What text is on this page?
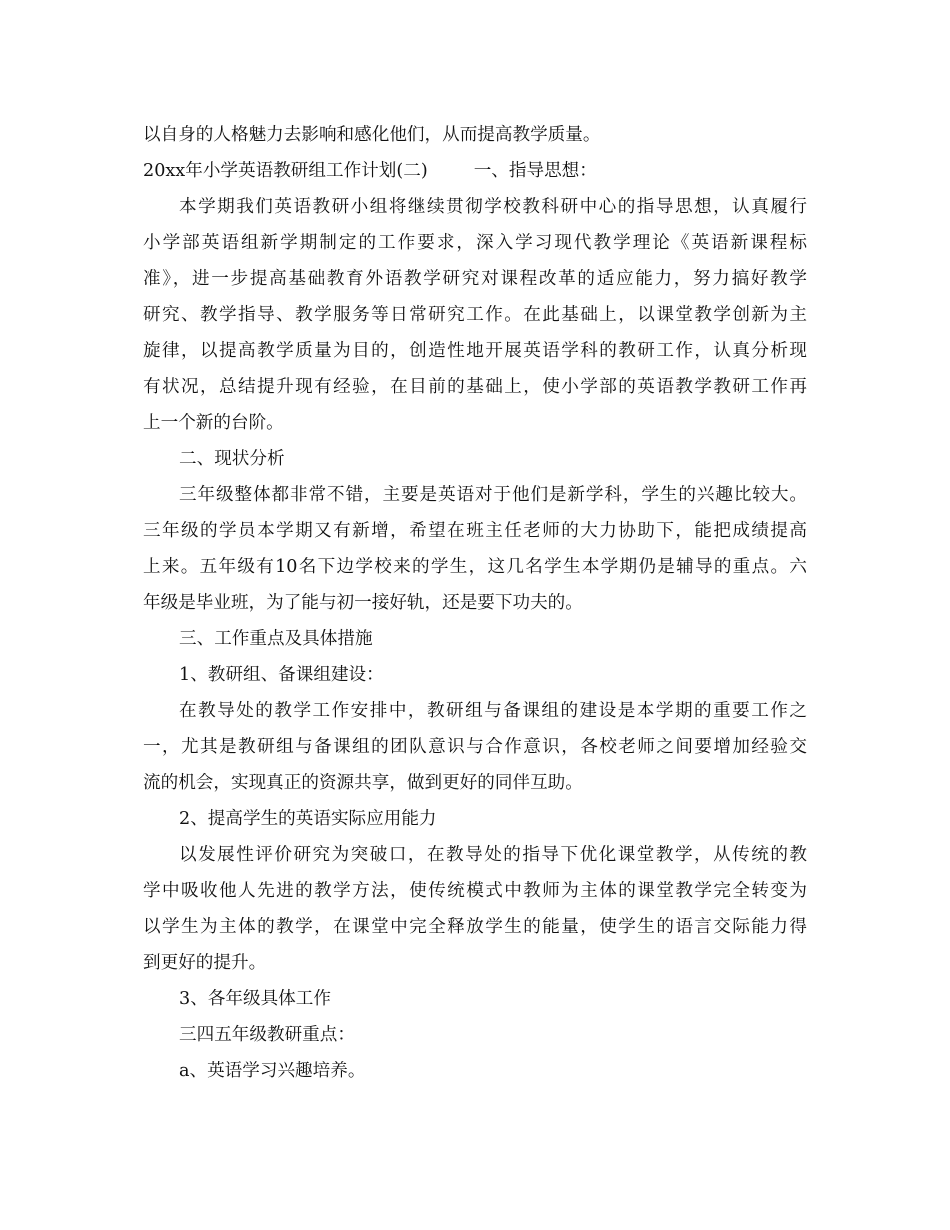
以自身的人格魅力去影响和感化他们，从而提高教学质量。
20xx年小学英语教研组工作计划(二)	一、指导思想：
本学期我们英语教研小组将继续贯彻学校教科研中心的指导思想，认真履行
小学部英语组新学期制定的工作要求，深入学习现代教学理论《英语新课程标
准》，进一步提高基础教育外语教学研究对课程改革的适应能力，努力搞好教学
研究、教学指导、教学服务等日常研究工作。在此基础上，以课堂教学创新为主
旋律，以提高教学质量为目的，创造性地开展英语学科的教研工作，认真分析现
有状况，总结提升现有经验，在目前的基础上，使小学部的英语教学教研工作再
上一个新的台阶。
二、现状分析
三年级整体都非常不错，主要是英语对于他们是新学科，学生的兴趣比较大。
三年级的学员本学期又有新增，希望在班主任老师的大力协助下，能把成绩提高
上来。五年级有10名下边学校来的学生，这几名学生本学期仍是辅导的重点。六
年级是毕业班，为了能与初一接好轨，还是要下功夫的。
三、工作重点及具体措施
1、教研组、备课组建设：
在教导处的教学工作安排中，教研组与备课组的建设是本学期的重要工作之
一，尤其是教研组与备课组的团队意识与合作意识，各校老师之间要增加经验交
流的机会，实现真正的资源共享，做到更好的同伴互助。
2、提高学生的英语实际应用能力
以发展性评价研究为突破口，在教导处的指导下优化课堂教学，从传统的教
学中吸收他人先进的教学方法，使传统模式中教师为主体的课堂教学完全转变为
以学生为主体的教学，在课堂中完全释放学生的能量，使学生的语言交际能力得
到更好的提升。
3、各年级具体工作
三四五年级教研重点：
a、英语学习兴趣培养。
